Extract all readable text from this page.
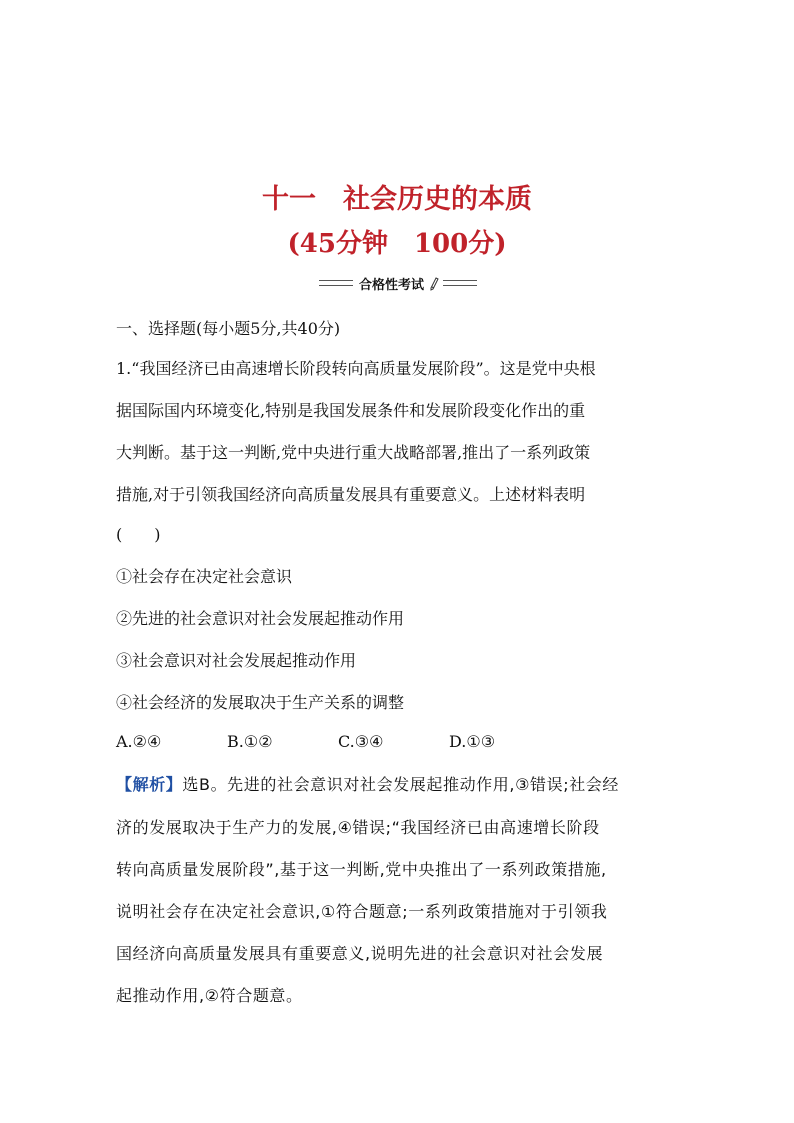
十一　社会历史的本质
(45分钟　100分)
合格性考试
一、选择题(每小题5分,共40分)
1.“我国经济已由高速增长阶段转向高质量发展阶段”。这是党中央根
据国际国内环境变化,特别是我国发展条件和发展阶段变化作出的重
大判断。基于这一判断,党中央进行重大战略部署,推出了一系列政策
措施,对于引领我国经济向高质量发展具有重要意义。上述材料表明
(　　)
①社会存在决定社会意识
②先进的社会意识对社会发展起推动作用
③社会意识对社会发展起推动作用
④社会经济的发展取决于生产关系的调整
A.②④	B.①②	C.③④	D.①③
【解析】选B。先进的社会意识对社会发展起推动作用,③错误;社会经
济的发展取决于生产力的发展,④错误;“我国经济已由高速增长阶段
转向高质量发展阶段”,基于这一判断,党中央推出了一系列政策措施,
说明社会存在决定社会意识,①符合题意;一系列政策措施对于引领我
国经济向高质量发展具有重要意义,说明先进的社会意识对社会发展
起推动作用,②符合题意。
